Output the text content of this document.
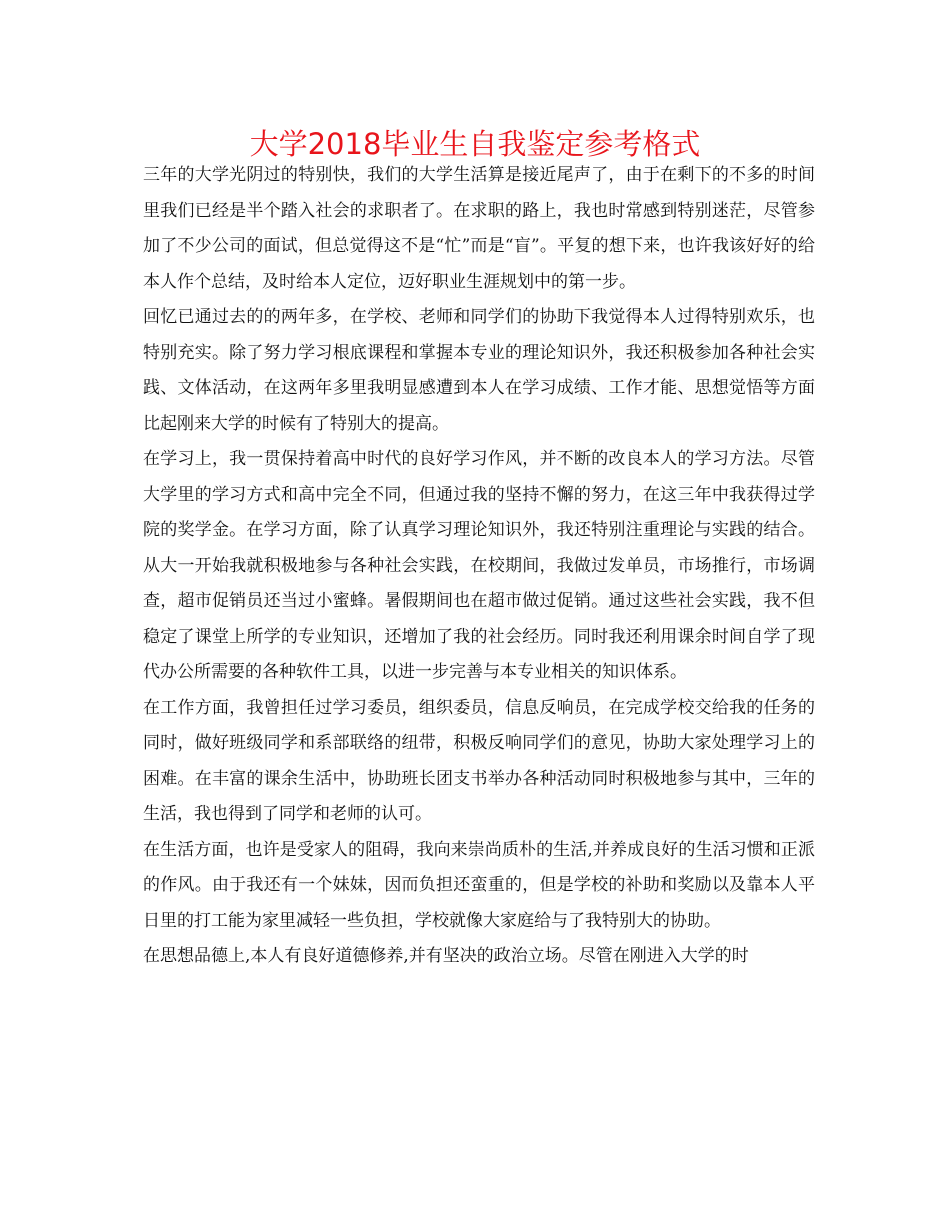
大学2018毕业生自我鉴定参考格式

三年的大学光阴过的特别快，我们的大学生活算是接近尾声了，由于在剩下的不多的时间里我们已经是半个踏入社会的求职者了。在求职的路上，我也时常感到特别迷茫，尽管参加了不少公司的面试，但总觉得这不是“忙”而是“盲”。平复的想下来，也许我该好好的给本人作个总结，及时给本人定位，迈好职业生涯规划中的第一步。

回忆已通过去的的两年多，在学校、老师和同学们的协助下我觉得本人过得特别欢乐，也特别充实。除了努力学习根底课程和掌握本专业的理论知识外，我还积极参加各种社会实践、文体活动，在这两年多里我明显感遭到本人在学习成绩、工作才能、思想觉悟等方面比起刚来大学的时候有了特别大的提高。

在学习上，我一贯保持着高中时代的良好学习作风，并不断的改良本人的学习方法。尽管大学里的学习方式和高中完全不同，但通过我的坚持不懈的努力，在这三年中我获得过学院的奖学金。在学习方面，除了认真学习理论知识外，我还特别注重理论与实践的结合。从大一开始我就积极地参与各种社会实践，在校期间，我做过发单员，市场推行，市场调查，超市促销员还当过小蜜蜂。暑假期间也在超市做过促销。通过这些社会实践，我不但稳定了课堂上所学的专业知识，还增加了我的社会经历。同时我还利用课余时间自学了现代办公所需要的各种软件工具，以进一步完善与本专业相关的知识体系。

在工作方面，我曾担任过学习委员，组织委员，信息反响员，在完成学校交给我的任务的同时，做好班级同学和系部联络的纽带，积极反响同学们的意见，协助大家处理学习上的困难。在丰富的课余生活中，协助班长团支书举办各种活动同时积极地参与其中，三年的生活，我也得到了同学和老师的认可。

在生活方面，也许是受家人的阻碍，我向来崇尚质朴的生活,并养成良好的生活习惯和正派的作风。由于我还有一个妹妹，因而负担还蛮重的，但是学校的补助和奖励以及靠本人平日里的打工能为家里减轻一些负担，学校就像大家庭给与了我特别大的协助。

在思想品德上,本人有良好道德修养,并有坚决的政治立场。尽管在刚进入大学的时
